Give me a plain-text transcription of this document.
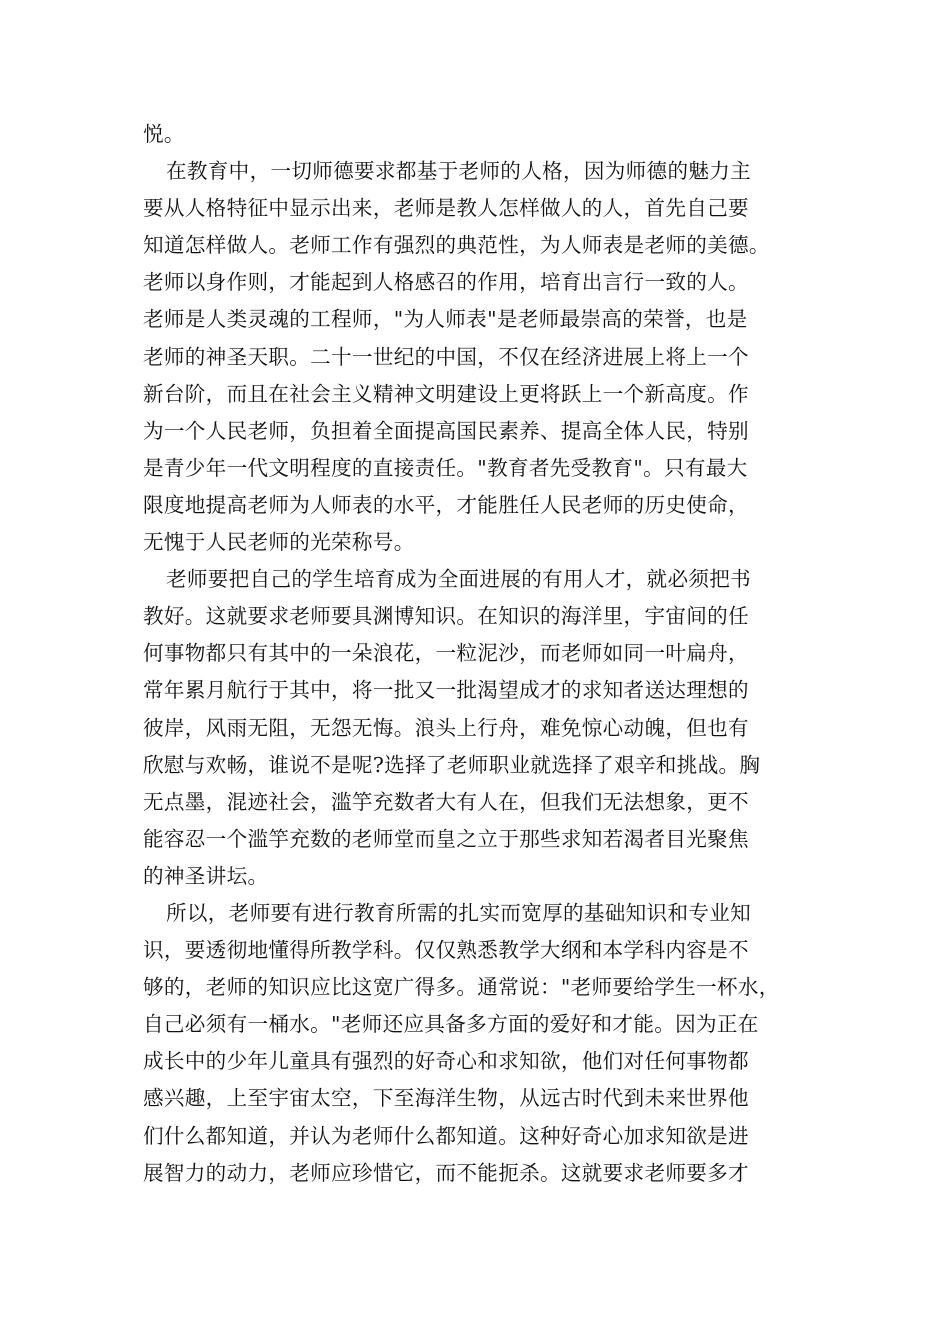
悦。
在教育中，一切师德要求都基于老师的人格，因为师德的魅力主
要从人格特征中显示出来，老师是教人怎样做人的人，首先自己要
知道怎样做人。老师工作有强烈的典范性，为人师表是老师的美德。
老师以身作则，才能起到人格感召的作用，培育出言行一致的人。
老师是人类灵魂的工程师，"为人师表"是老师最崇高的荣誉，也是
老师的神圣天职。二十一世纪的中国，不仅在经济进展上将上一个
新台阶，而且在社会主义精神文明建设上更将跃上一个新高度。作
为一个人民老师，负担着全面提高国民素养、提高全体人民，特别
是青少年一代文明程度的直接责任。"教育者先受教育"。只有最大
限度地提高老师为人师表的水平，才能胜任人民老师的历史使命，
无愧于人民老师的光荣称号。
老师要把自己的学生培育成为全面进展的有用人才，就必须把书
教好。这就要求老师要具渊博知识。在知识的海洋里，宇宙间的任
何事物都只有其中的一朵浪花，一粒泥沙，而老师如同一叶扁舟，
常年累月航行于其中，将一批又一批渴望成才的求知者送达理想的
彼岸，风雨无阻，无怨无悔。浪头上行舟，难免惊心动魄，但也有
欣慰与欢畅，谁说不是呢?选择了老师职业就选择了艰辛和挑战。胸
无点墨，混迹社会，滥竽充数者大有人在，但我们无法想象，更不
能容忍一个滥竽充数的老师堂而皇之立于那些求知若渴者目光聚焦
的神圣讲坛。
所以，老师要有进行教育所需的扎实而宽厚的基础知识和专业知
识，要透彻地懂得所教学科。仅仅熟悉教学大纲和本学科内容是不
够的，老师的知识应比这宽广得多。通常说："老师要给学生一杯水，
自己必须有一桶水。"老师还应具备多方面的爱好和才能。因为正在
成长中的少年儿童具有强烈的好奇心和求知欲，他们对任何事物都
感兴趣，上至宇宙太空，下至海洋生物，从远古时代到未来世界他
们什么都知道，并认为老师什么都知道。这种好奇心加求知欲是进
展智力的动力，老师应珍惜它，而不能扼杀。这就要求老师要多才
